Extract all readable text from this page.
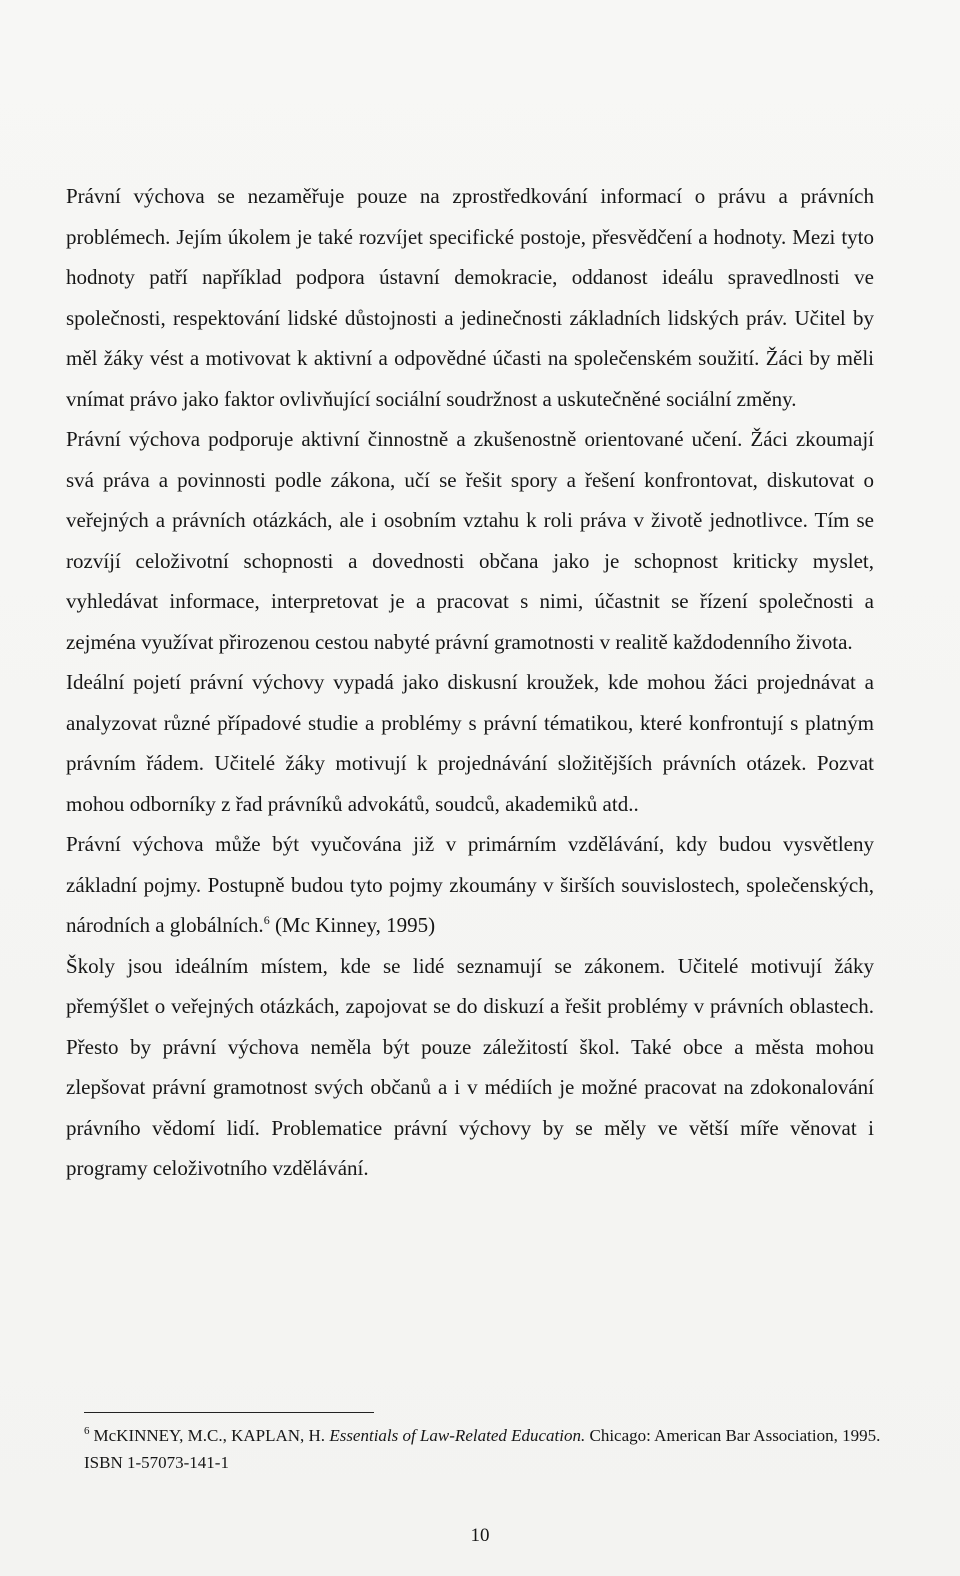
Právní výchova se nezaměřuje pouze na zprostředkování informací o právu a právních problémech. Jejím úkolem je také rozvíjet specifické postoje, přesvědčení a hodnoty. Mezi tyto hodnoty patří například podpora ústavní demokracie, oddanost ideálu spravedlnosti ve společnosti, respektování lidské důstojnosti a jedinečnosti základních lidských práv. Učitel by měl žáky vést a motivovat k aktivní a odpovědné účasti na společenském soužití. Žáci by měli vnímat právo jako faktor ovlivňující sociální soudržnost a uskutečněné sociální změny.

Právní výchova podporuje aktivní činnostně a zkušenostně orientované učení. Žáci zkoumají svá práva a povinnosti podle zákona, učí se řešit spory a řešení konfrontovat, diskutovat o veřejných a právních otázkách, ale i osobním vztahu k roli práva v životě jednotlivce. Tím se rozvíjí celoživotní schopnosti a dovednosti občana jako je schopnost kriticky myslet, vyhledávat informace, interpretovat je a pracovat s nimi, účastnit se řízení společnosti a zejména využívat přirozenou cestou nabyté právní gramotnosti v realitě každodenního života.

Ideální pojetí právní výchovy vypadá jako diskusní kroužek, kde mohou žáci projednávat a analyzovat různé případové studie a problémy s právní tématikou, které konfrontují s platným právním řádem. Učitelé žáky motivují k projednávání složitějších právních otázek. Pozvat mohou odborníky z řad právníků advokátů, soudců, akademiků atd..

Právní výchova může být vyučována již v primárním vzdělávání, kdy budou vysvětleny základní pojmy. Postupně budou tyto pojmy zkoumány v širších souvislostech, společenských, národních a globálních.$^6$ (Mc Kinney, 1995)

Školy jsou ideálním místem, kde se lidé seznamují se zákonem. Učitelé motivují žáky přemýšlet o veřejných otázkách, zapojovat se do diskuzí a řešit problémy v právních oblastech. Přesto by právní výchova neměla být pouze záležitostí škol. Také obce a města mohou zlepšovat právní gramotnost svých občanů a i v médiích je možné pracovat na zdokonalování právního vědomí lidí. Problematice právní výchovy by se měly ve větší míře věnovat i programy celoživotního vzdělávání.

$^6$ McKINNEY, M.C., KAPLAN, H. Essentials of Law-Related Education. Chicago: American Bar Association, 1995. ISBN 1-57073-141-1
10
